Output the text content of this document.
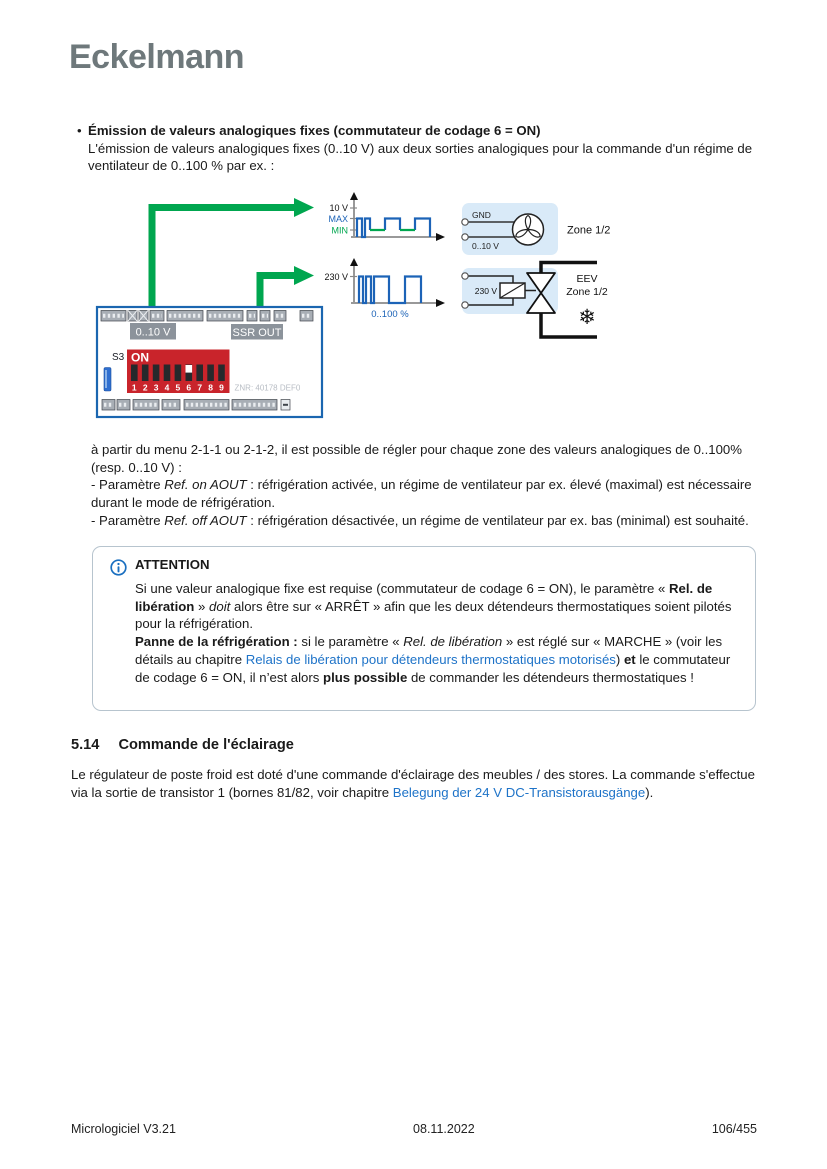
Eckelmann
• Émission de valeurs analogiques fixes (commutateur de codage 6 = ON)
L'émission de valeurs analogiques fixes (0..10 V) aux deux sorties analogiques pour la commande d'un régime de ventilateur de 0..100 % par ex. :
10 V
MAX
MIN
230 V
0..100 %
GND
0..10 V
Zone 1/2
230 V
EEV
Zone 1/2
❄
0..10 V	SSR OUT
S3 ON
1 2 3 4 5 6 7 8 9 ZNR: 40178 DEF0

à partir du menu 2-1-1 ou 2-1-2, il est possible de régler pour chaque zone des valeurs analogiques de 0..100% (resp. 0..10 V) :

- Paramètre Ref. on AOUT : réfrigération activée, un régime de ventilateur par ex. élevé (maximal) est nécessaire durant le mode de réfrigération.

- Paramètre Ref. off AOUT : réfrigération désactivée, un régime de ventilateur par ex. bas (minimal) est souhaité.

ATTENTION

Si une valeur analogique fixe est requise (commutateur de codage 6 = ON), le paramètre « Rel. de libération » doit alors être sur « ARRÊT » afin que les deux détendeurs thermostatiques soient pilotés pour la réfrigération.

Panne de la réfrigération : si le paramètre « Rel. de libération » est réglé sur « MARCHE » (voir les détails au chapitre Relais de libération pour détendeurs thermostatiques motorisés) et le commutateur de codage 6 = ON, il n’est alors plus possible de commander les détendeurs thermostatiques !

5.14 Commande de l'éclairage

Le régulateur de poste froid est doté d'une commande d'éclairage des meubles / des stores. La commande s'effectue via la sortie de transistor 1 (bornes 81/82, voir chapitre Belegung der 24 V DC-Transistorausgänge).

Micrologiciel V3.21	08.11.2022	106/455
